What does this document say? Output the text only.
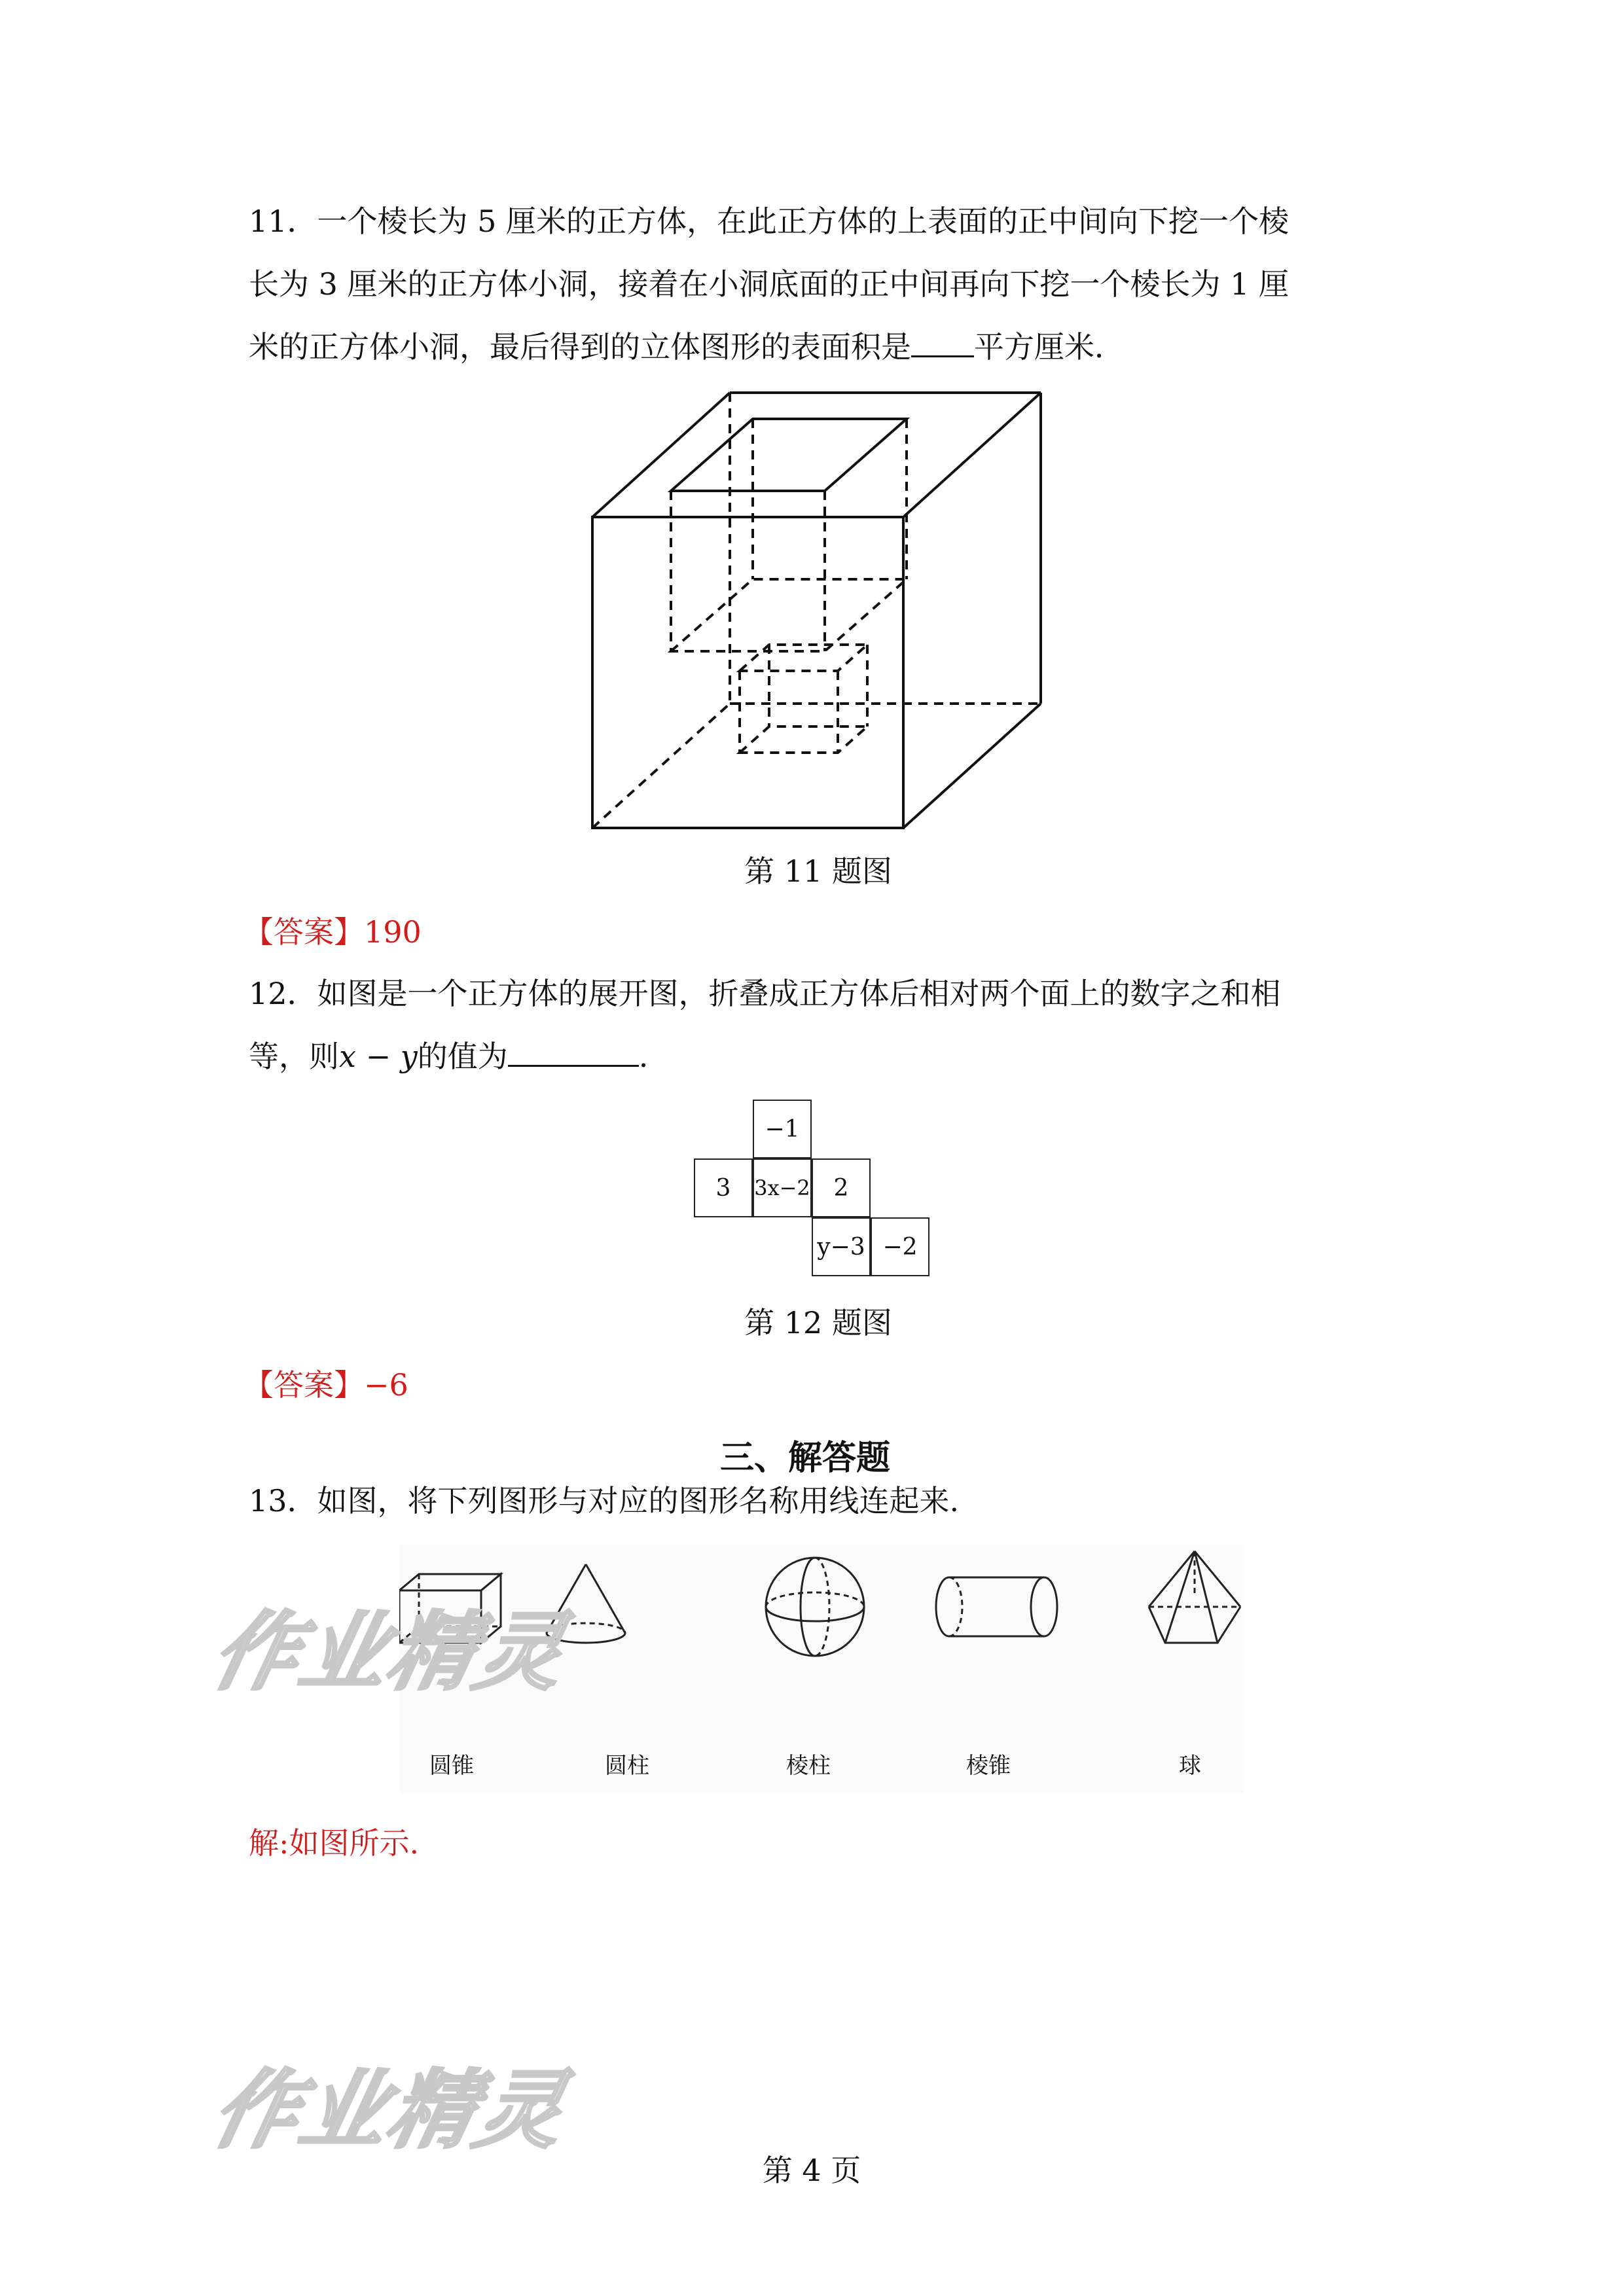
11．一个棱长为 5 厘米的正方体，在此正方体的上表面的正中间向下挖一个棱
长为 3 厘米的正方体小洞，接着在小洞底面的正中间再向下挖一个棱长为 1 厘
米的正方体小洞，最后得到的立体图形的表面积是 平方厘米．
第 11 题图
【答案】190
12．如图是一个正方体的展开图，折叠成正方体后相对两个面上的数字之和相
等，则x − y的值为	.
−1
3	3x−2 2
y−3 −2
第 12 题图
【答案】−6
三、解答题
13．如图，将下列图形与对应的图形名称用线连起来.
圆锥	圆柱	棱柱	棱锥	球
解:如图所示.
作业精灵
作业精灵
第 4 页
